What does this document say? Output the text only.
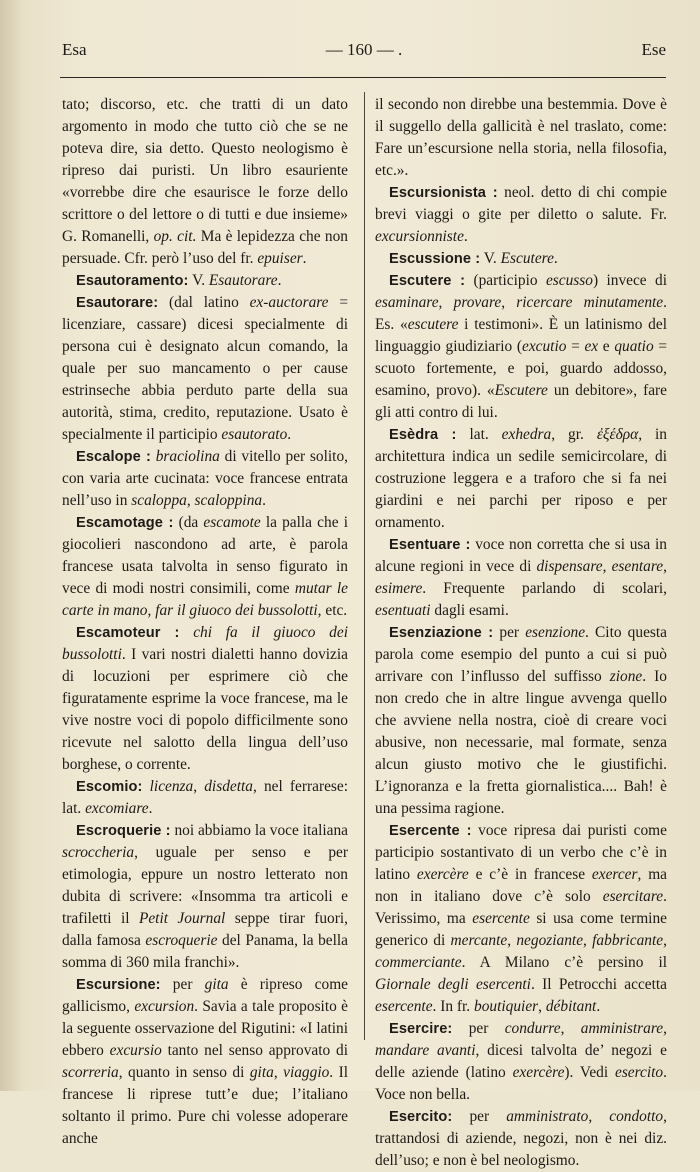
Esa	— 160 — .	Ese

tato; discorso, etc. che tratti di un dato argomento in modo che tutto ciò che se ne poteva dire, sia detto. Questo neologismo è ripreso dai puristi. Un libro esauriente «vorrebbe dire che esaurisce le forze dello scrittore o del lettore o di tutti e due insieme» G. Romanelli, op. cit. Ma è lepidezza che non persuade. Cfr. però l’uso del fr. epuiser.

Esautoramento: V. Esautorare.

Esautorare: (dal latino ex-auctorare = licenziare, cassare) dicesi specialmente di persona cui è designato alcun comando, la quale per suo mancamento o per cause estrinseche abbia perduto parte della sua autorità, stima, credito, reputazione. Usato è specialmente il participio esautorato.

Escalope : braciolina di vitello per solito, con varia arte cucinata: voce francese entrata nell’uso in scaloppa, scaloppina.

Escamotage : (da escamote la palla che i giocolieri nascondono ad arte, è parola francese usata talvolta in senso figurato in vece di modi nostri consimili, come mutar le carte in mano, far il giuoco dei bussolotti, etc.

Escamoteur : chi fa il giuoco dei bussolotti. I vari nostri dialetti hanno dovizia di locuzioni per esprimere ciò che figuratamente esprime la voce francese, ma le vive nostre voci di popolo difficilmente sono ricevute nel salotto della lingua dell’uso borghese, o corrente.

Escomio: licenza, disdetta, nel ferrarese: lat. excomiare.

Escroquerie : noi abbiamo la voce italiana scroccheria, uguale per senso e per etimologia, eppure un nostro letterato non dubita di scrivere: «Insomma tra articoli e trafiletti il Petit Journal seppe tirar fuori, dalla famosa escroquerie del Panama, la bella somma di 360 mila franchi».

Escursione: per gita è ripreso come gallicismo, excursion. Savia a tale proposito è la seguente osservazione del Rigutini: «I latini ebbero excursio tanto nel senso approvato di scorreria, quanto in senso di gita, viaggio. Il francese li riprese tutt’e due; l’italiano soltanto il primo. Pure chi volesse adoperare anche

il secondo non direbbe una bestemmia. Dove è il suggello della gallicità è nel traslato, come: Fare un’escursione nella storia, nella filosofia, etc.».

Escursionista : neol. detto di chi compie brevi viaggi o gite per diletto o salute. Fr. excursionniste.

Escussione : V. Escutere.

Escutere : (participio escusso) invece di esaminare, provare, ricercare minutamente. Es. «escutere i testimoni». È un latinismo del linguaggio giudiziario (excutio = ex e quatio = scuoto fortemente, e poi, guardo addosso, esamino, provo). «Escutere un debitore», fare gli atti contro di lui.

Esèdra : lat. exhedra, gr. ἐξέδρα, in architettura indica un sedile semicircolare, di costruzione leggera e a traforo che si fa nei giardini e nei parchi per riposo e per ornamento.

Esentuare : voce non corretta che si usa in alcune regioni in vece di dispensare, esentare, esimere. Frequente parlando di scolari, esentuati dagli esami.

Esenziazione : per esenzione. Cito questa parola come esempio del punto a cui si può arrivare con l’influsso del suffisso zione. Io non credo che in altre lingue avvenga quello che avviene nella nostra, cioè di creare voci abusive, non necessarie, mal formate, senza alcun giusto motivo che le giustifichi. L’ignoranza e la fretta giornalistica.... Bah! è una pessima ragione.

Esercente : voce ripresa dai puristi come participio sostantivato di un verbo che c’è in latino exercère e c’è in francese exercer, ma non in italiano dove c’è solo esercitare. Verissimo, ma esercente si usa come termine generico di mercante, negoziante, fabbricante, commerciante. A Milano c’è persino il Giornale degli esercenti. Il Petrocchi accetta esercente. In fr. boutiquier, débitant.

Esercire: per condurre, amministrare, mandare avanti, dicesi talvolta de’ negozi e delle aziende (latino exercère). Vedi esercito. Voce non bella.

Esercito: per amministrato, condotto, trattandosi di aziende, negozi, non è nei diz. dell’uso; e non è bel neologismo.
